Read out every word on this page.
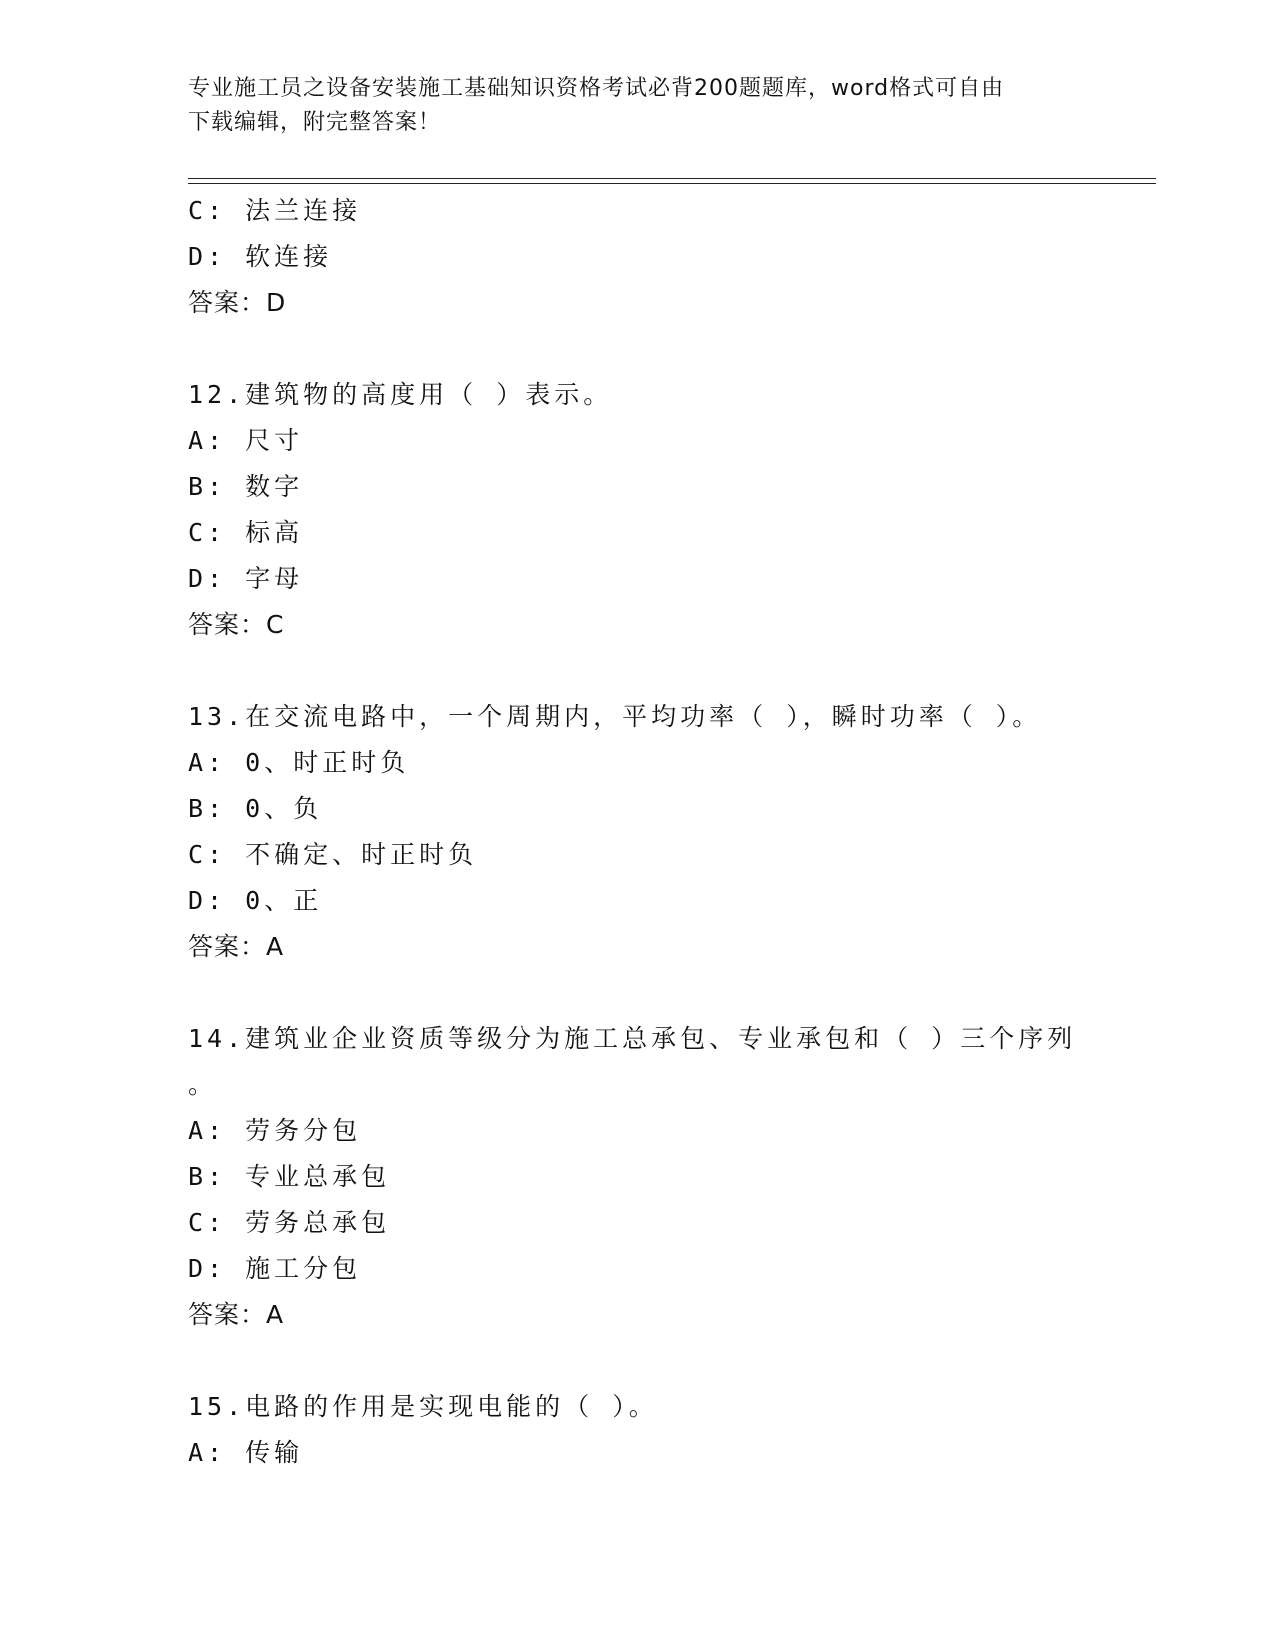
专业施工员之设备安装施工基础知识资格考试必背200题题库，word格式可自由
下载编辑，附完整答案！
C: 法兰连接
D: 软连接
答案：D
12.建筑物的高度用（ ）表示。
A: 尺寸
B: 数字
C: 标高
D: 字母
答案：C
13.在交流电路中，一个周期内，平均功率（ ），瞬时功率（ ）。
A: 0、时正时负
B: 0、负
C: 不确定、时正时负
D: 0、正
答案：A
14.建筑业企业资质等级分为施工总承包、专业承包和（ ）三个序列
。
A: 劳务分包
B: 专业总承包
C: 劳务总承包
D: 施工分包
答案：A
15.电路的作用是实现电能的（ ）。
A: 传输
